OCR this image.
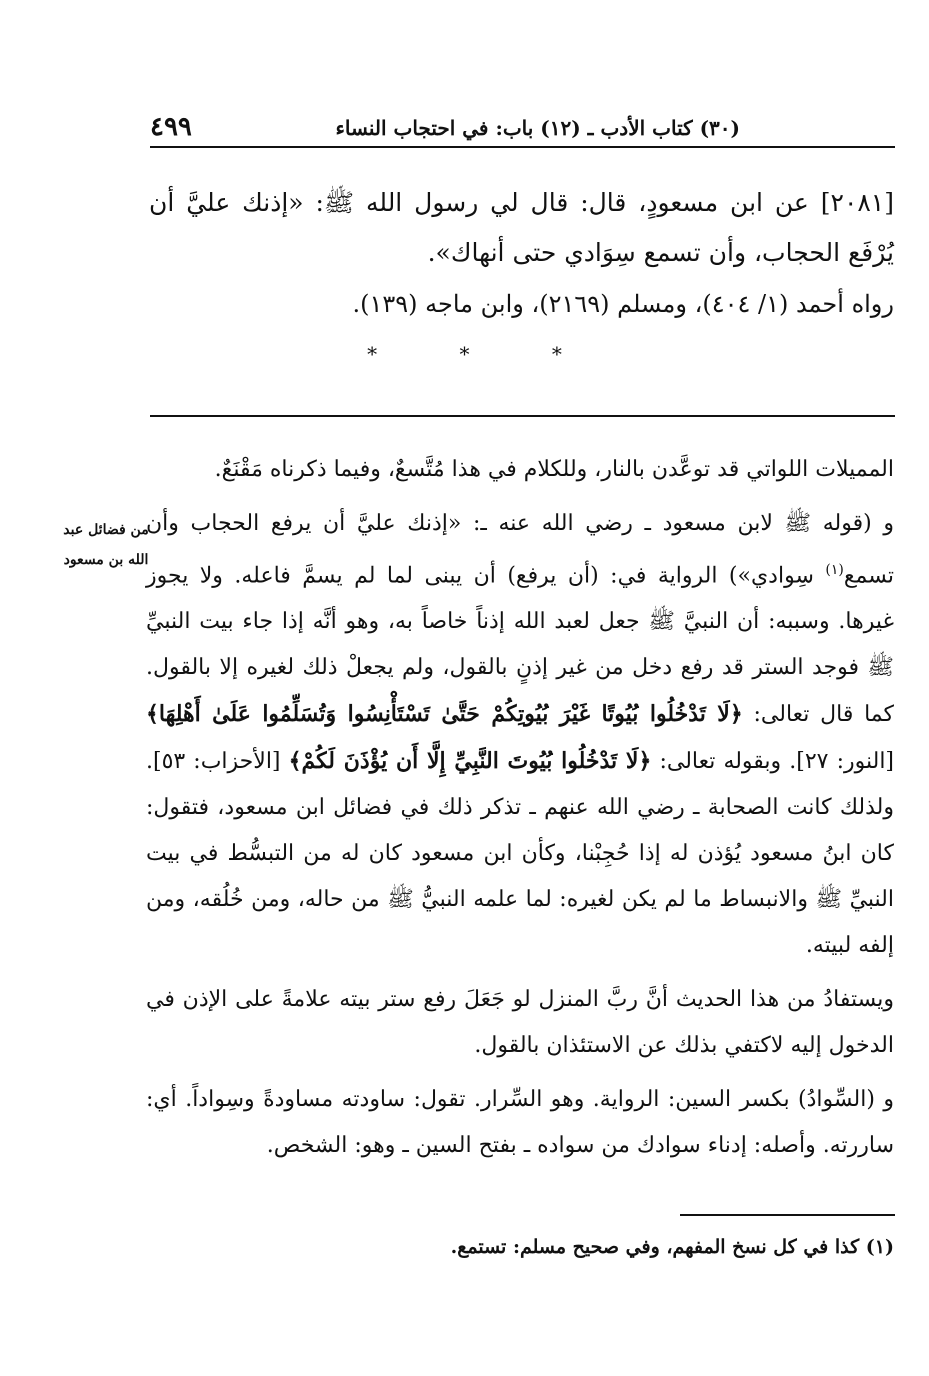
٤٩٩	(٣٠) كتاب الأدب ـ (١٢) باب: في احتجاب النساء

[٢٠٨١] عن ابن مسعودٍ، قال: قال لي رسول الله ﷺ: «إذنك عليَّ أن يُرْفَع الحجاب، وأن تسمع سِوَادي حتى أنهاك».

رواه أحمد (١/ ٤٠٤)، ومسلم (٢١٦٩)، وابن ماجه (١٣٩).

*	*	*
من فضائل عبد الله بن مسعود

المميلات اللواتي قد توعَّدن بالنار، وللكلام في هذا مُتَّسعٌ، وفيما ذكرناه مَقْنَعٌ.

و (قوله ﷺ لابن مسعود ـ رضي الله عنه ـ: «إذنك عليَّ أن يرفع الحجاب وأن تسمع$^{(١)}$ سِوادي») الرواية في: (أن يرفع) أن يبنى لما لم يسمَّ فاعله. ولا يجوز غيرها. وسببه: أن النبيَّ ﷺ جعل لعبد الله إذناً خاصاً به، وهو أنَّه إذا جاء بيت النبيِّ ﷺ فوجد الستر قد رفع دخل من غير إذنٍ بالقول، ولم يجعلْ ذلك لغيره إلا بالقول. كما قال تعالى: ﴿لَا تَدْخُلُوا بُيُوتًا غَيْرَ بُيُوتِكُمْ حَتَّىٰ تَسْتَأْنِسُوا وَتُسَلِّمُوا عَلَىٰ أَهْلِهَا﴾ [النور: ٢٧]. وبقوله تعالى: ﴿لَا تَدْخُلُوا بُيُوتَ النَّبِيِّ إِلَّا أَن يُؤْذَنَ لَكُمْ﴾ [الأحزاب: ٥٣]. ولذلك كانت الصحابة ـ رضي الله عنهم ـ تذكر ذلك في فضائل ابن مسعود، فتقول: كان ابنُ مسعود يُؤذن له إذا حُجِبْنا، وكأن ابن مسعود كان له من التبسُّط في بيت النبيِّ ﷺ والانبساط ما لم يكن لغيره: لما علمه النبيُّ ﷺ من حاله، ومن خُلُقه، ومن إلفه لبيته.

ويستفادُ من هذا الحديث أنَّ ربَّ المنزل لو جَعَلَ رفع ستر بيته علامةً على الإذن في الدخول إليه لاكتفي بذلك عن الاستئذان بالقول.

و (السِّوادُ) بكسر السين: الرواية. وهو السِّرار. تقول: ساودته مساودةً وسِواداً. أي: ساررته. وأصله: إدناء سوادك من سواده ـ بفتح السين ـ وهو: الشخص.

(١) كذا في كل نسخ المفهم، وفي صحيح مسلم: تستمع.
